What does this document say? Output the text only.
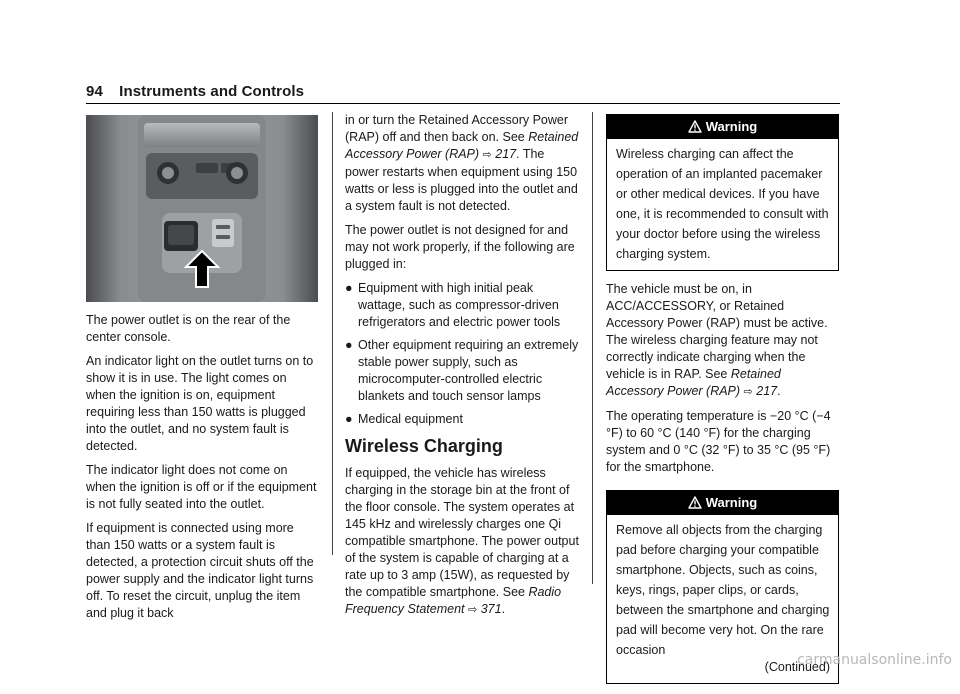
94 Instruments and Controls

The power outlet is on the rear of the center console.

An indicator light on the outlet turns on to show it is in use. The light comes on when the ignition is on, equipment requiring less than 150 watts is plugged into the outlet, and no system fault is detected.

The indicator light does not come on when the ignition is off or if the equipment is not fully seated into the outlet.

If equipment is connected using more than 150 watts or a system fault is detected, a protection circuit shuts off the power supply and the indicator light turns off. To reset the circuit, unplug the item and plug it back

in or turn the Retained Accessory Power (RAP) off and then back on. See Retained Accessory Power (RAP) ⇨ 217. The power restarts when equipment using 150 watts or less is plugged into the outlet and a system fault is not detected.

The power outlet is not designed for and may not work properly, if the following are plugged in:

● Equipment with high initial peak wattage, such as compressor-driven refrigerators and electric power tools
● Other equipment requiring an extremely stable power supply, such as microcomputer-controlled electric blankets and touch sensor lamps
● Medical equipment
Wireless Charging

If equipped, the vehicle has wireless charging in the storage bin at the front of the floor console. The system operates at 145 kHz and wirelessly charges one Qi compatible smartphone. The power output of the system is capable of charging at a rate up to 3 amp (15W), as requested by the compatible smartphone. See Radio Frequency Statement ⇨ 371.

Warning
Wireless charging can affect the operation of an implanted pacemaker or other medical devices. If you have one, it is recommended to consult with your doctor before using the wireless charging system.

The vehicle must be on, in ACC/ACCESSORY, or Retained Accessory Power (RAP) must be active. The wireless charging feature may not correctly indicate charging when the vehicle is in RAP. See Retained Accessory Power (RAP) ⇨ 217.

The operating temperature is −20 °C (−4 °F) to 60 °C (140 °F) for the charging system and 0 °C (32 °F) to 35 °C (95 °F) for the smartphone.

Warning
Remove all objects from the charging pad before charging your compatible smartphone. Objects, such as coins, keys, rings, paper clips, or cards, between the smartphone and charging pad will become very hot. On the rare occasion
(Continued)
carmanualsonline.info
